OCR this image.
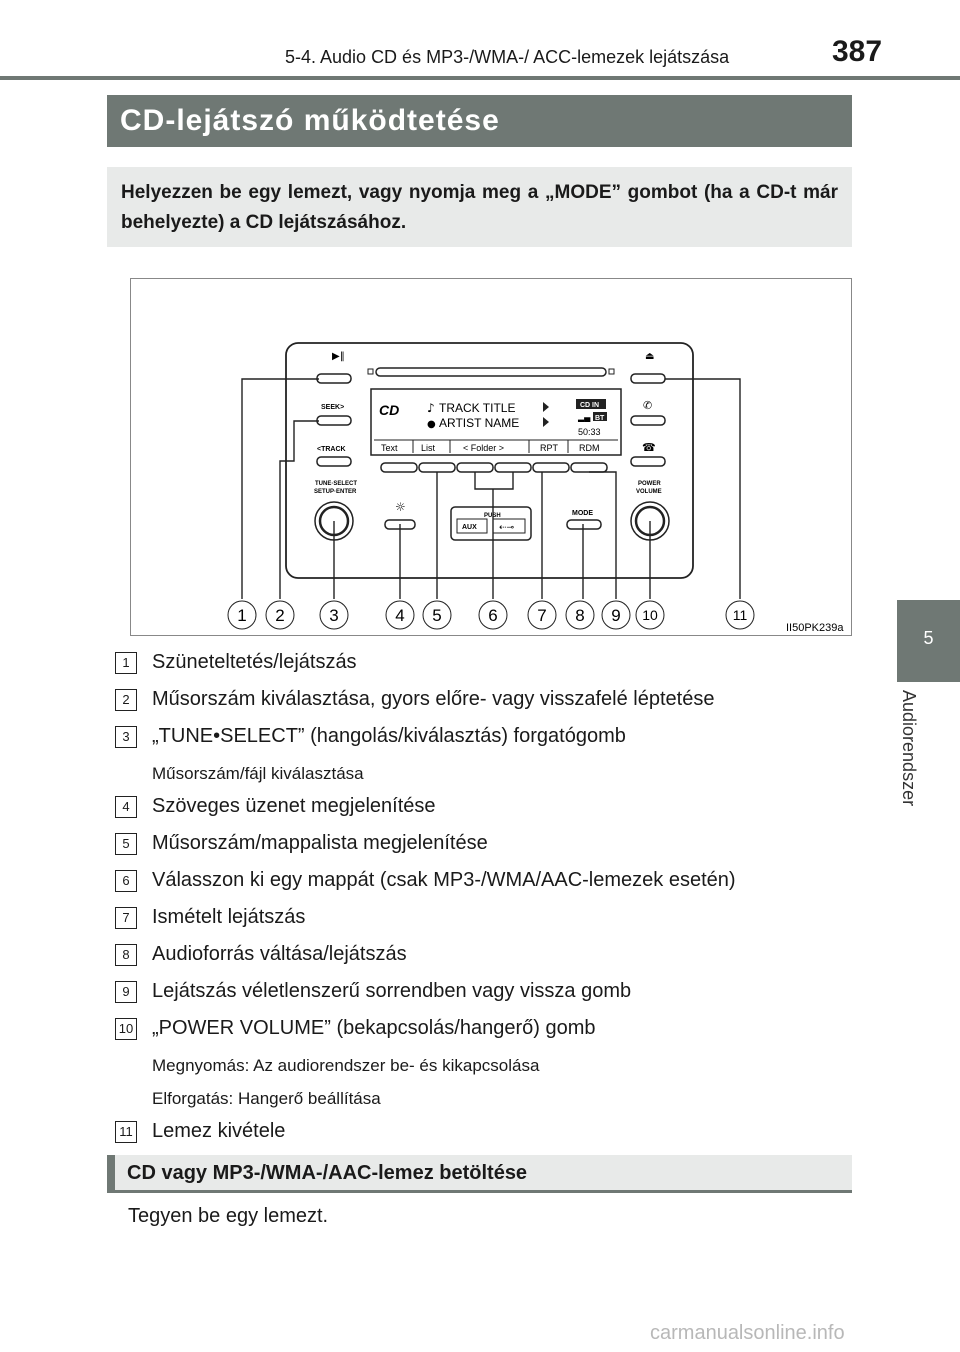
5-4. Audio CD és MP3-/WMA-/ ACC-lemezek lejátszása	387
5
Audiorendszer
CD-lejátszó működtetése
Helyezzen be egy lemezt, vagy nyomja meg a „MODE” gombot (ha a CD-t már behelyezte) a CD lejátszásához.
▶‖
SEEK>
<TRACK
TUNE·SELECT
SETUP·ENTER
CD ♪ TRACK TITLE
● ARTIST NAME
CD IN
▂▄ BT
50:33
Text	List	< Folder >	RPT RDM
⏏
✆
☎
POWER
VOLUME
☼
PUSH
AUX ⇠⊸
MODE
1 2	3	4 5	6 7 8 9 10	11
II50PK239a
1	Szüneteltetés/lejátszás
2	Műsorszám kiválasztása, gyors előre- vagy visszafelé léptetése
3	„TUNE•SELECT” (hangolás/kiválasztás) forgatógomb
Műsorszám/fájl kiválasztása
4	Szöveges üzenet megjelenítése
5	Műsorszám/mappalista megjelenítése
6	Válasszon ki egy mappát (csak MP3-/WMA/AAC-lemezek esetén)
7	Ismételt lejátszás
8	Audioforrás váltása/lejátszás
9	Lejátszás véletlenszerű sorrendben vagy vissza gomb
10 „POWER VOLUME” (bekapcsolás/hangerő) gomb
Megnyomás: Az audiorendszer be- és kikapcsolása
Elforgatás: Hangerő beállítása
11 Lemez kivétele
CD vagy MP3-/WMA-/AAC-lemez betöltése
Tegyen be egy lemezt.
carmanualsonline.info
